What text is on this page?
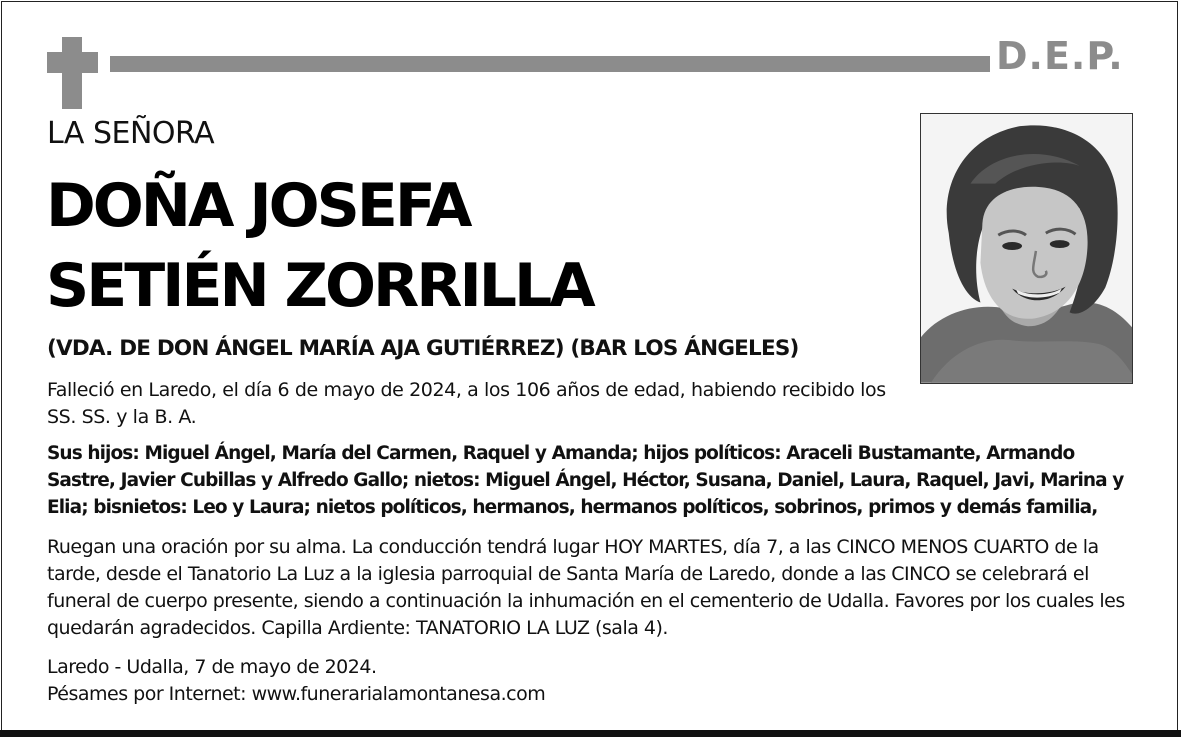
D.E.P.
LA SEÑORA
DOÑA JOSEFA
SETIÉN ZORRILLA
(VDA. DE DON ÁNGEL MARÍA AJA GUTIÉRREZ) (BAR LOS ÁNGELES)

Falleció en Laredo, el día 6 de mayo de 2024, a los 106 años de edad, habiendo recibido los SS. SS. y la B. A.

Sus hijos: Miguel Ángel, María del Carmen, Raquel y Amanda; hijos políticos: Araceli Bustamante, Armando Sastre, Javier Cubillas y Alfredo Gallo; nietos: Miguel Ángel, Héctor, Susana, Daniel, Laura, Raquel, Javi, Marina y Elia; bisnietos: Leo y Laura; nietos políticos, hermanos, hermanos políticos, sobrinos, primos y demás familia,

Ruegan una oración por su alma. La conducción tendrá lugar HOY MARTES, día 7, a las CINCO MENOS CUARTO de la tarde, desde el Tanatorio La Luz a la iglesia parroquial de Santa María de Laredo, donde a las CINCO se celebrará el funeral de cuerpo presente, siendo a continuación la inhumación en el cementerio de Udalla. Favores por los cuales les quedarán agradecidos. Capilla Ardiente: TANATORIO LA LUZ (sala 4).

Laredo - Udalla, 7 de mayo de 2024.

Pésames por Internet: www.funerarialamontanesa.com
